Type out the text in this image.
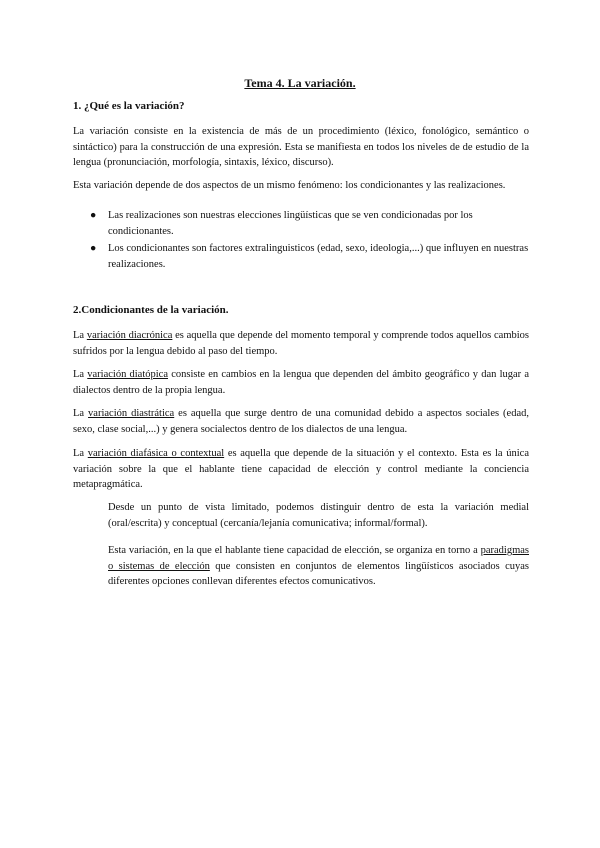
Tema 4. La variación.
1. ¿Qué es la variación?

La variación consiste en la existencia de más de un procedimiento (léxico, fonológico, semántico o sintáctico) para la construcción de una expresión. Esta se manifiesta en todos los niveles de de estudio de la lengua (pronunciación, morfología, sintaxis, léxico, discurso).

Esta variación depende de dos aspectos de un mismo fenómeno: los condicionantes y las realizaciones.

● Las realizaciones son nuestras elecciones lingüísticas que se ven condicionadas por los condicionantes.
● Los condicionantes son factores extralinguisticos (edad, sexo, ideologia,...) que influyen en nuestras realizaciones.
2.Condicionantes de la variación.

La variación diacrónica es aquella que depende del momento temporal y comprende todos aquellos cambios sufridos por la lengua debido al paso del tiempo.

La variación diatópica consiste en cambios en la lengua que dependen del ámbito geográfico y dan lugar a dialectos dentro de la propia lengua.

La variación diastrática es aquella que surge dentro de una comunidad debido a aspectos sociales (edad, sexo, clase social,...) y genera socialectos dentro de los dialectos de una lengua.

La variación diafásica o contextual es aquella que depende de la situación y el contexto. Esta es la única variación sobre la que el hablante tiene capacidad de elección y control mediante la conciencia metapragmática.

Desde un punto de vista limitado, podemos distinguir dentro de esta la variación medial (oral/escrita) y conceptual (cercanía/lejanía comunicativa; informal/formal).

Esta variación, en la que el hablante tiene capacidad de elección, se organiza en torno a paradigmas o sistemas de elección que consisten en conjuntos de elementos lingüísticos asociados cuyas diferentes opciones conllevan diferentes efectos comunicativos.
